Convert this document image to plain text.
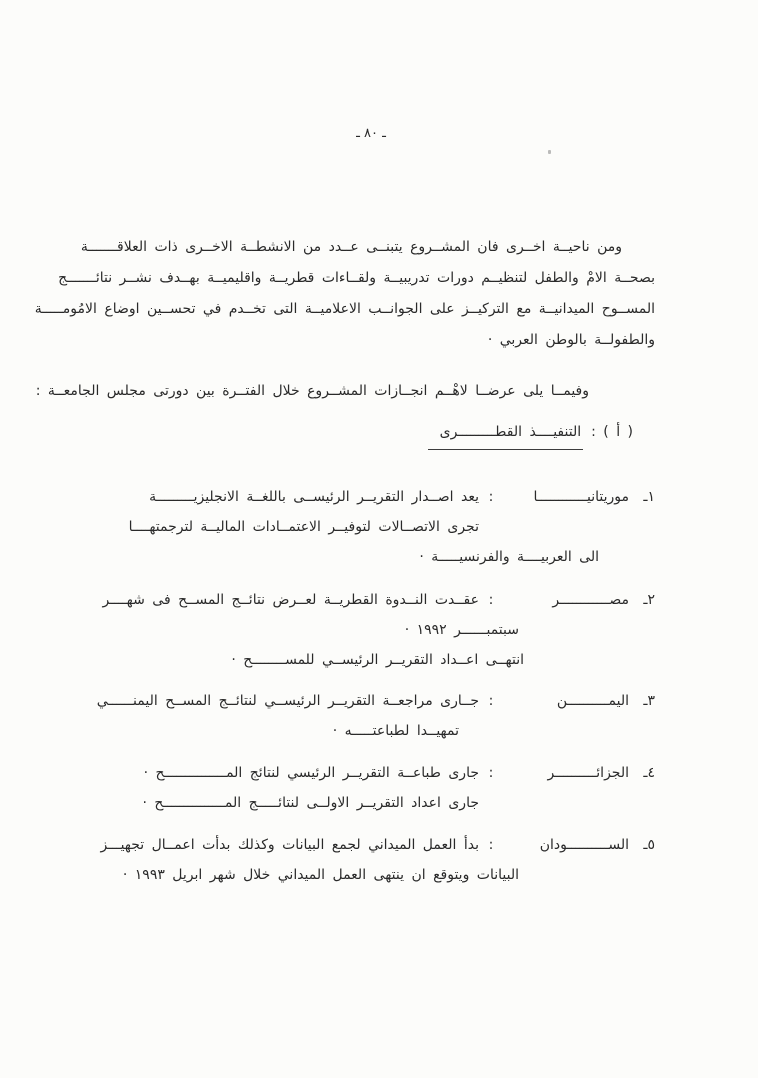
ـ ٨٠ ـ
ومن ناحيــة اخــرى فان المشــروع يتبنــى عــدد من الانشطــة الاخــرى ذات العلاقـــــــة
بصحــة الامْ والطفل لتنظيــم دورات تدريبيــة ولقــاءات قطريــة واقليميــة بهــدف نشــر نتائـــــــج
المســوح الميدانيــة مع التركيــز على الجوانــب الاعلاميــة التى تخــدم في تحســين اوضاع الامُومـــــة
والطفولــة بالوطن العربي ·
وفيمــا يلى عرضــا لاهْــم انجــازات المشــروع خلال الفتــرة بين دورتى مجلس الجامعــة :
( أ ) :التنفيــــذ القطـــــــــرى
١ـ
موريتانيــــــــــــا
:
يعد اصــدار التقريــر الرئيســى باللغــة الانجليزيـــــــــة
تجرى الاتصــالات لتوفيــر الاعتمــادات الماليــة لترجمتهــــا
الى العربيــــة والفرنسيـــــة ·
٢ـ
مصــــــــــــر
:
عقــدت النــدوة القطريــة لعــرض نتائــج المســح فى شهــــر
سبتمبــــــر ١٩٩٢ ·
انتهــى اعــداد التقريــر الرئيســي للمســــــــح ·
٣ـ
اليمــــــــــن
:
جــارى مراجعــة التقريــر الرئيســي لنتائــج المســح اليمنــــــي
تمهيــدا لطباعتـــــه ·
٤ـ
الجزائــــــــــر
:
جارى طباعــة التقريــر الرئيسي لنتائج المـــــــــــــــح ·
جارى اعداد التقريــر الاولــى لنتائـــــج المـــــــــــــــح ·
٥ـ
الســــــــــودان
:
بدأ العمل الميداني لجمع البيانات وكذلك بدأت اعمــال تجهيـــز
البيانات ويتوقع ان ينتهى العمل الميداني خلال شهر ابريل ١٩٩٣ ·
